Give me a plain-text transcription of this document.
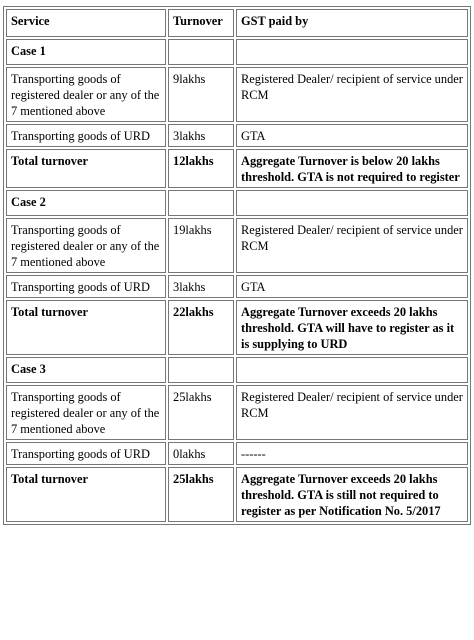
Service	Turnover	GST paid by
Case 1		
Transporting goods of registered dealer or any of the 7 mentioned above	9lakhs	Registered Dealer/ recipient of service under RCM
Transporting goods of URD	3lakhs	GTA
Total turnover	12lakhs	Aggregate Turnover is below 20 lakhs threshold. GTA is not required to register
Case 2		
Transporting goods of registered dealer or any of the 7 mentioned above	19lakhs	Registered Dealer/ recipient of service under RCM
Transporting goods of URD	3lakhs	GTA
Total turnover	22lakhs	Aggregate Turnover exceeds 20 lakhs threshold. GTA will have to register as it is supplying to URD
Case 3		
Transporting goods of registered dealer or any of the 7 mentioned above	25lakhs	Registered Dealer/ recipient of service under RCM
Transporting goods of URD	0lakhs	------
Total turnover	25lakhs	Aggregate Turnover exceeds 20 lakhs threshold. GTA is still not required to register as per Notification No. 5/2017
